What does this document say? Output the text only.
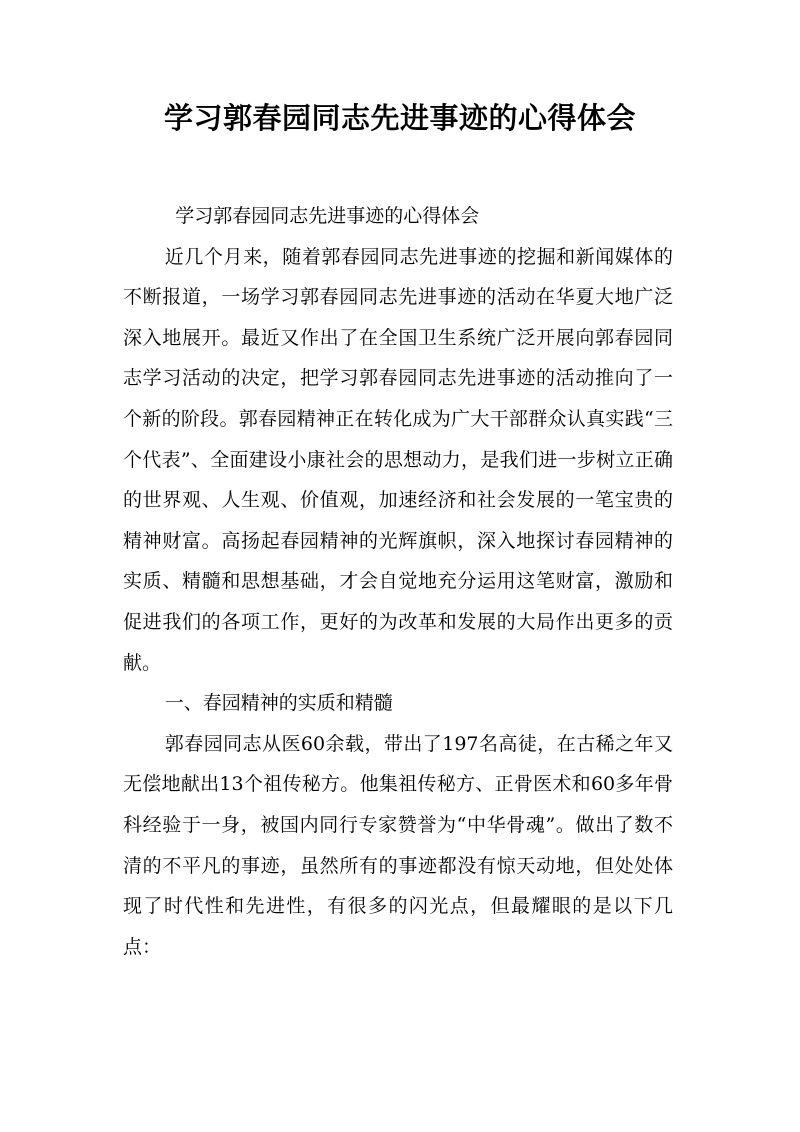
学习郭春园同志先进事迹的心得体会

学习郭春园同志先进事迹的心得体会

近几个月来，随着郭春园同志先进事迹的挖掘和新闻媒体的不断报道，一场学习郭春园同志先进事迹的活动在华夏大地广泛深入地展开。最近又作出了在全国卫生系统广泛开展向郭春园同志学习活动的决定，把学习郭春园同志先进事迹的活动推向了一个新的阶段。郭春园精神正在转化成为广大干部群众认真实践“三个代表”、全面建设小康社会的思想动力，是我们进一步树立正确的世界观、人生观、价值观，加速经济和社会发展的一笔宝贵的精神财富。高扬起春园精神的光辉旗帜，深入地探讨春园精神的实质、精髓和思想基础，才会自觉地充分运用这笔财富，激励和促进我们的各项工作，更好的为改革和发展的大局作出更多的贡献。

一、春园精神的实质和精髓

郭春园同志从医60余载，带出了197名高徒，在古稀之年又无偿地献出13个祖传秘方。他集祖传秘方、正骨医术和60多年骨科经验于一身，被国内同行专家赞誉为“中华骨魂”。做出了数不清的不平凡的事迹，虽然所有的事迹都没有惊天动地，但处处体现了时代性和先进性，有很多的闪光点，但最耀眼的是以下几点：
